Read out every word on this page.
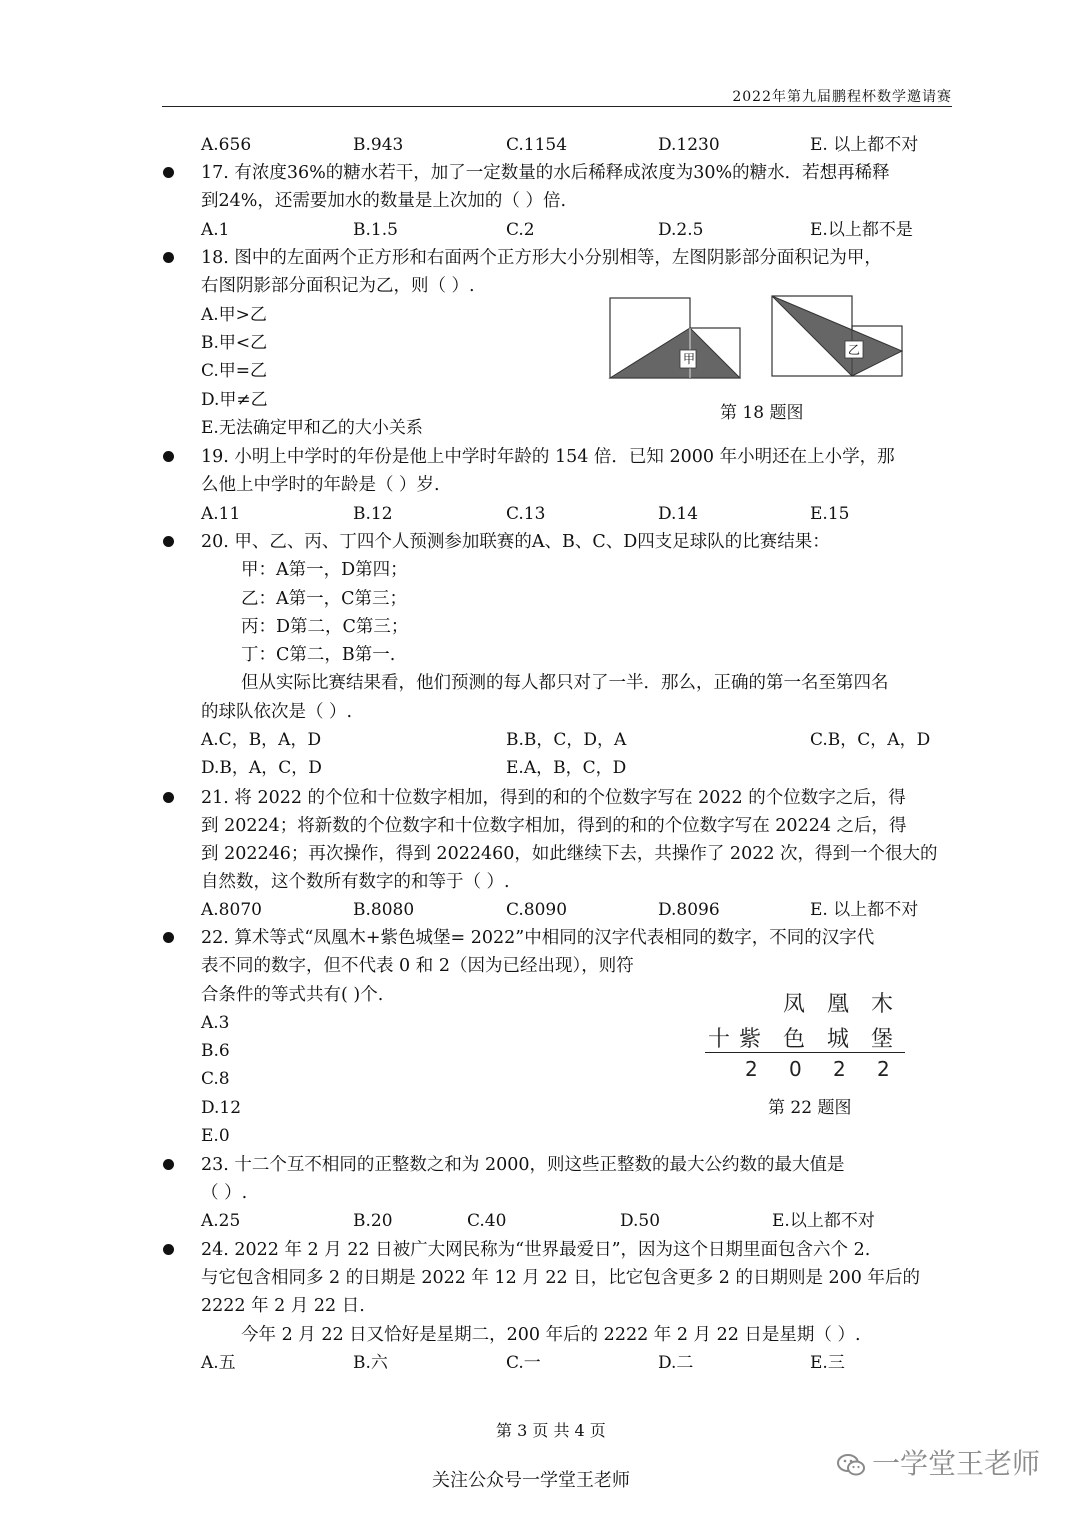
2022年第九届鹏程杯数学邀请赛
A.656	B.943	C.1154	D.1230	E. 以上都不对
17. 有浓度36%的糖水若干，加了一定数量的水后稀释成浓度为30%的糖水．若想再稀释
到24%，还需要加水的数量是上次加的（ ）倍.
A.1	B.1.5	C.2	D.2.5	E.以上都不是
18. 图中的左面两个正方形和右面两个正方形大小分别相等，左图阴影部分面积记为甲，
右图阴影部分面积记为乙，则（ ）.
A.甲>乙
B.甲<乙
C.甲=乙
D.甲≠乙
E.无法确定甲和乙的大小关系
甲
乙
第 18 题图
19. 小明上中学时的年份是他上中学时年龄的 154 倍．已知 2000 年小明还在上小学，那
么他上中学时的年龄是（ ）岁.
A.11	B.12	C.13	D.14	E.15
20. 甲、乙、丙、丁四个人预测参加联赛的A、B、C、D四支足球队的比赛结果：
甲：A第一，D第四；
乙：A第一，C第三；
丙：D第二，C第三；
丁：C第二，B第一.
但从实际比赛结果看，他们预测的每人都只对了一半．那么，正确的第一名至第四名
的球队依次是（ ）.
A.C，B，A，D	B.B，C，D，A	C.B，C，A，D
D.B，A，C，D	E.A，B，C，D
21. 将 2022 的个位和十位数字相加，得到的和的个位数字写在 2022 的个位数字之后，得
到 20224；将新数的个位数字和十位数字相加，得到的和的个位数字写在 20224 之后，得
到 202246；再次操作，得到 2022460，如此继续下去，共操作了 2022 次，得到一个很大的
自然数，这个数所有数字的和等于（ ）.
A.8070	B.8080	C.8090	D.8096	E. 以上都不对
22. 算术等式“凤凰木+紫色城堡= 2022”中相同的汉字代表相同的数字，不同的汉字代
表不同的数字，但不代表 0 和 2（因为已经出现），则符
合条件的等式共有( )个.
A.3
B.6
C.8
D.12
E.0
凤 凰 木
十 紫 色 城 堡
2 0 2 2
第 22 题图
23. 十二个互不相同的正整数之和为 2000，则这些正整数的最大公约数的最大值是
（ ）.
A.25	B.20	C.40	D.50	E.以上都不对
24. 2022 年 2 月 22 日被广大网民称为“世界最爱日”，因为这个日期里面包含六个 2.
与它包含相同多 2 的日期是 2022 年 12 月 22 日，比它包含更多 2 的日期则是 200 年后的
2222 年 2 月 22 日.
今年 2 月 22 日又恰好是星期二，200 年后的 2222 年 2 月 22 日是星期（ ）.
A.五	B.六	C.一	D.二	E.三
第 3 页 共 4 页
关注公众号一学堂王老师
一学堂王老师
